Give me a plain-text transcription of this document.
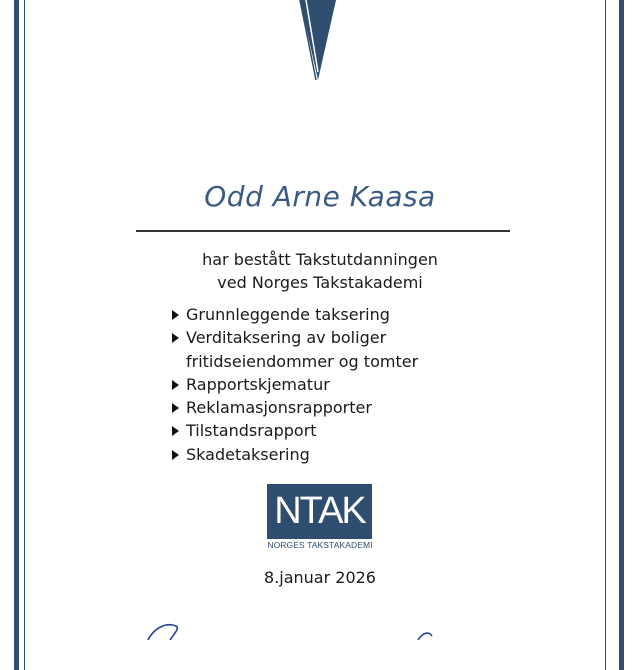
Odd Arne Kaasa
har bestått Takstutdanningen
ved Norges Takstakademi
Grunnleggende taksering
Verditaksering av boliger
fritidseiendommer og tomter
Rapportskjematur
Reklamasjonsrapporter
Tilstandsrapport
Skadetaksering
NTAK
NORGES TAKSTAKADEMI
8.januar 2026
